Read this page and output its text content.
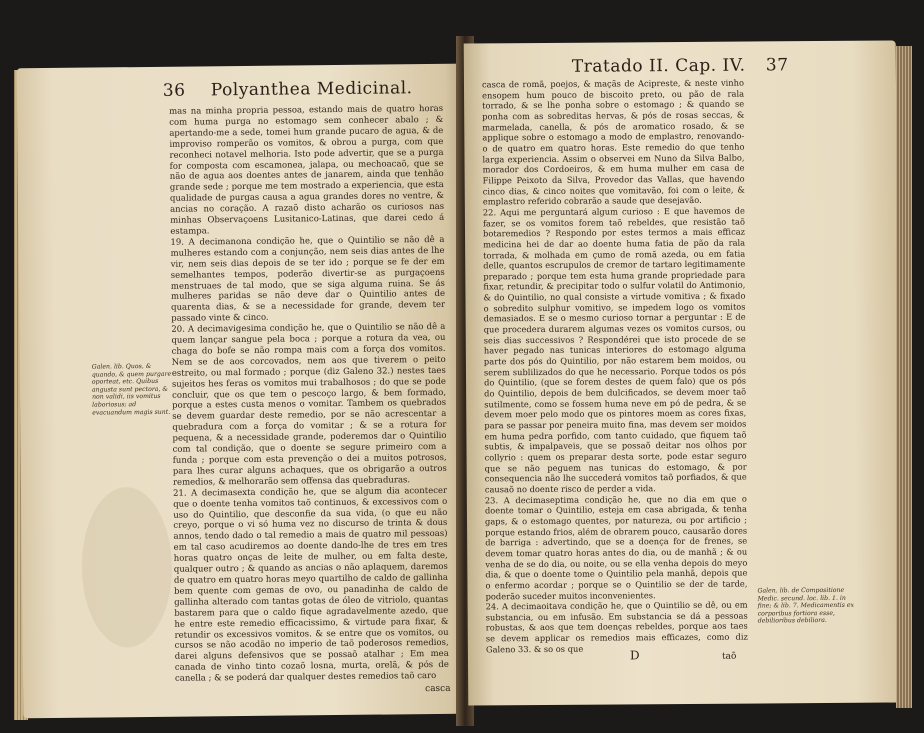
36 Polyanthea Medicinal.

mas na minha propria pessoa, estando mais de quatro horas com huma purga no estomago sem conhecer abalo ; & apertando-me a sede, tomei hum grande pucaro de agua, & de improviso romperão os vomitos, & obrou a purga, com que reconheci notavel melhoria. Isto pode advertir, que se a purga for composta com escamonea, jalapa, ou mechoacaõ, que se não de agua aos doentes antes de janarem, ainda que tenhão grande sede ; porque me tem mostrado a experiencia, que esta qualidade de purgas causa a agua grandes dores no ventre, & ancias no coração. A razaõ disto acharão os curiosos nas minhas Observaçoens Lusitanico-Latinas, que darei cedo á estampa.

19. A decimanona condição he, que o Quintilio se não dê a mulheres estando com a conjunção, nem seis dias antes de lhe vir, nem seis dias depois de se ter ido ; porque se fe der em semelhantes tempos, poderão divertir-se as purgaçoens menstruaes de tal modo, que se siga alguma ruina. Se ás mulheres paridas se não deve dar o Quintilio antes de quarenta dias, & se a necessidade for grande, devem ter passado vinte & cinco.

20. A decimavigesima condição he, que o Quintilio se não dê a quem lançar sangue pela boca ; porque a rotura da vea, ou chaga do bofe se não rompa mais com a força dos vomitos. Nem se de aos corcovados, nem aos que tiverem o peito estreito, ou mal formado ; porque (diz Galeno 32.) nestes taes sujeitos hes feras os vomitos mui trabalhosos ; do que se pode concluir, que os que tem o pescoço largo, & bem formado, porque a estes custa menos o vomitar. Tambem os quebrados se devem guardar deste remedio, por se não acrescentar a quebradura com a força do vomitar ; & se a rotura for pequena, & a necessidade grande, poderemos dar o Quintilio com tal condição, que o doente se segure primeiro com a funda ; porque com esta prevenção o dei a muitos potrosos, para lhes curar alguns achaques, que os obrigarão a outros remedios, & melhorarão sem offensa das quebraduras.

21. A decimasexta condição he, que se algum dia acontecer que o doente tenha vomitos taõ continuos, & excessivos com o uso do Quintilio, que desconfie da sua vida, (o que eu não creyo, porque o vi só huma vez no discurso de trinta & dous annos, tendo dado o tal remedio a mais de quatro mil pessoas) em tal caso acudiremos ao doente dando-lhe de tres em tres horas quatro onças de leite de mulher, ou em falta deste, qualquer outro ; & quando as ancias o não aplaquem, daremos de quatro em quatro horas meyo quartilho de caldo de gallinha bem quente com gemas de ovo, ou panadinha de caldo de gallinha alterado com tantas gotas de óleo de vitriolo, quantas bastarem para que o caldo fique agradavelmente azedo, que he entre este remedio efficacissimo, & virtude para fixar, & retundir os excessivos vomitos. & se entre que os vomitos, ou cursos se não acodão no imperio de taõ poderosos remedios, darei alguns defensivos que se possaõ atalhar ; Em mea canada de vinho tinto cozaõ losna, murta, orelã, & pós de canella ; & se poderá dar qualquer destes remedios taõ caro

Galen. lib. Quos, & quando, & quem purgare oporteat, etc. Quibus angusta sunt pectora, & non validi, iis vomitus laboriosus; ad evacuandum magis sunt.
casca
Tratado II. Cap. IV. 37

casca de romã, poejos, & maçãs de Acipreste, & neste vinho ensopem hum pouco de biscoito preto, ou pão de rala torrado, & se lhe ponha sobre o estomago ; & quando se ponha com as sobreditas hervas, & pós de rosas seccas, & marmelada, canella, & pós de aromatico rosado, & se applique sobre o estomago a modo de emplastro, renovando-o de quatro em quatro horas. Este remedio do que tenho larga experiencia. Assim o observei em Nuno da Silva Balbo, morador dos Cordoeiros, & em huma mulher em casa de Filippe Peixoto da Silva, Provedor das Vallas, que havendo cinco dias, & cinco noites que vomitavão, foi com o leite, & emplastro referido cobrarão a saude que desejavão.

22. Aqui me perguntará algum curioso : E que havemos de fazer, se os vomitos forem taõ rebeldes, que resistão taõ botaremedios ? Respondo por estes termos a mais efficaz medicina hei de dar ao doente huma fatia de pão da rala torrada, & molhada em çumo de romã azeda, ou em fatia delle, quantos escrupulos de cremor de tartaro legitimamente preparado ; porque tem esta huma grande propriedade para fixar, retundir, & precipitar todo o sulfur volatil do Antimonio, & do Quintilio, no qual consiste a virtude vomitiva ; & fixado o sobredito sulphur vomitivo, se impedem logo os vomitos demasiados. E se o mesmo curioso tornar a perguntar : E de que procedera durarem algumas vezes os vomitos cursos, ou seis dias successivos ? Respondérei que isto procede de se haver pegado nas tunicas interiores do estomago alguma parte dos pós do Quintilio, por não estarem bem moidos, ou serem sublilizados do que he necessario. Porque todos os pós do Quintilio, (que se forem destes de quem falo) que os pós do Quintilio, depois de bem dulcificados, se devem moer taõ sutilmente, como se fossem huma neve em pó de pedra, & se devem moer pelo modo que os pintores moem as cores fixas, para se passar por peneira muito fina, mas devem ser moidos em huma pedra porfido, com tanto cuidado, que fiquem taõ subtis, & impalpaveis, que se possaõ deitar nos olhos por collyrio : quem os preparar desta sorte, pode estar seguro que se não peguem nas tunicas do estomago, & por consequencia não lhe succederá vomitos taõ porfiados, & que causaõ no doente risco de perder a vida.

23. A decimaseptima condição he, que no dia em que o doente tomar o Quintilio, esteja em casa abrigada, & tenha gaps, & o estomago quentes, por natureza, ou por artificio ; porque estando frios, além de obrarem pouco, causarão dores de barriga : advertindo, que se a doença for de frenes, se devem tomar quatro horas antes do dia, ou de manhã ; & ou venha de se do dia, ou noite, ou se ella venha depois do meyo dia, & que o doente tome o Quintilio pela manhã, depois que o enfermo acordar ; porque se o Quintilio se der de tarde, poderão suceder muitos inconvenientes.

24. A decimaoitava condição he, que o Quintilio se dê, ou em substancia, ou em infusão. Em substancia se dá a pessoas robustas, & aos que tem doenças rebeldes, porque aos taes se devem applicar os remedios mais efficazes, como diz Galeno 33. & so os que

Galen. lib. de Compositione Medic. secund. loc. lib. 1. in fine; & lib. 7. Medicamentis ex corporibus fortiora esse, debilioribus debiliora.
D	taõ
